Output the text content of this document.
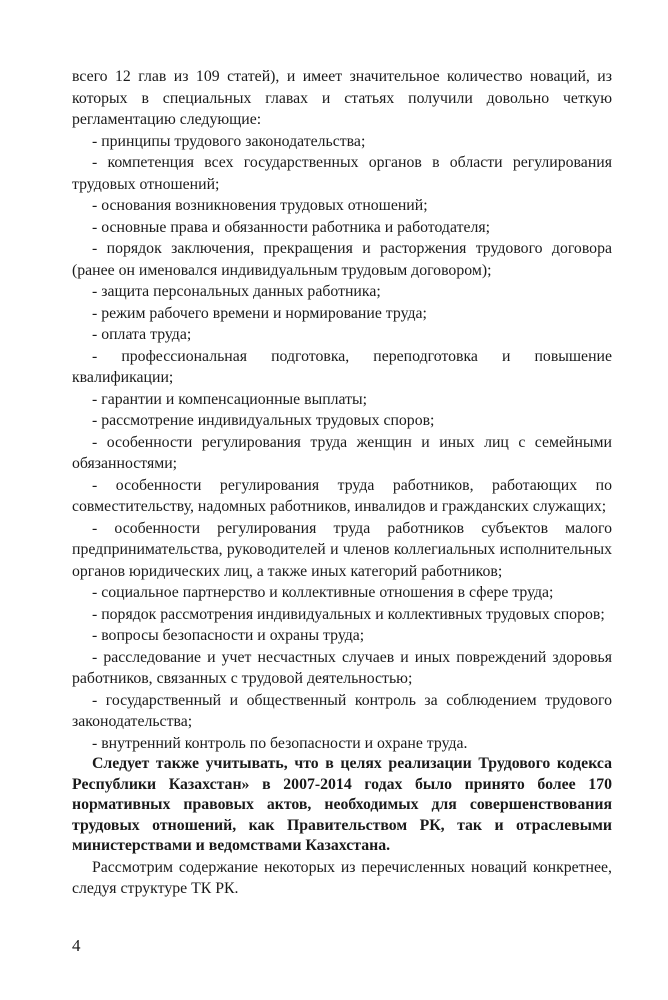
всего 12 глав из 109 статей), и имеет значительное количество новаций, из которых в специальных главах и статьях получили довольно четкую регламентацию следующие:

- принципы трудового законодательства;

- компетенция всех государственных органов в области регулирования трудовых отношений;

- основания возникновения трудовых отношений;

- основные права и обязанности работника и работодателя;

- порядок заключения, прекращения и расторжения трудового договора (ранее он именовался индивидуальным трудовым договором);

- защита персональных данных работника;

- режим рабочего времени и нормирование труда;

- оплата труда;

- профессиональная подготовка, переподготовка и повышение квалификации;

- гарантии и компенсационные выплаты;

- рассмотрение индивидуальных трудовых споров;

- особенности регулирования труда женщин и иных лиц с семейными обязанностями;

- особенности регулирования труда работников, работающих по совместительству, надомных работников, инвалидов и гражданских служащих;

- особенности регулирования труда работников субъектов малого предпринимательства, руководителей и членов коллегиальных исполнительных органов юридических лиц, а также иных категорий работников;

- социальное партнерство и коллективные отношения в сфере труда;

- порядок рассмотрения индивидуальных и коллективных трудовых споров;

- вопросы безопасности и охраны труда;

- расследование и учет несчастных случаев и иных повреждений здоровья работников, связанных с трудовой деятельностью;

- государственный и общественный контроль за соблюдением трудового законодательства;

- внутренний контроль по безопасности и охране труда.

Следует также учитывать, что в целях реализации Трудового кодекса Республики Казахстан» в 2007-2014 годах было принято более 170 нормативных правовых актов, необходимых для совершенствования трудовых отношений, как Правительством РК, так и отраслевыми министерствами и ведомствами Казахстана.

Рассмотрим содержание некоторых из перечисленных новаций конкретнее, следуя структуре ТК РК.

4
